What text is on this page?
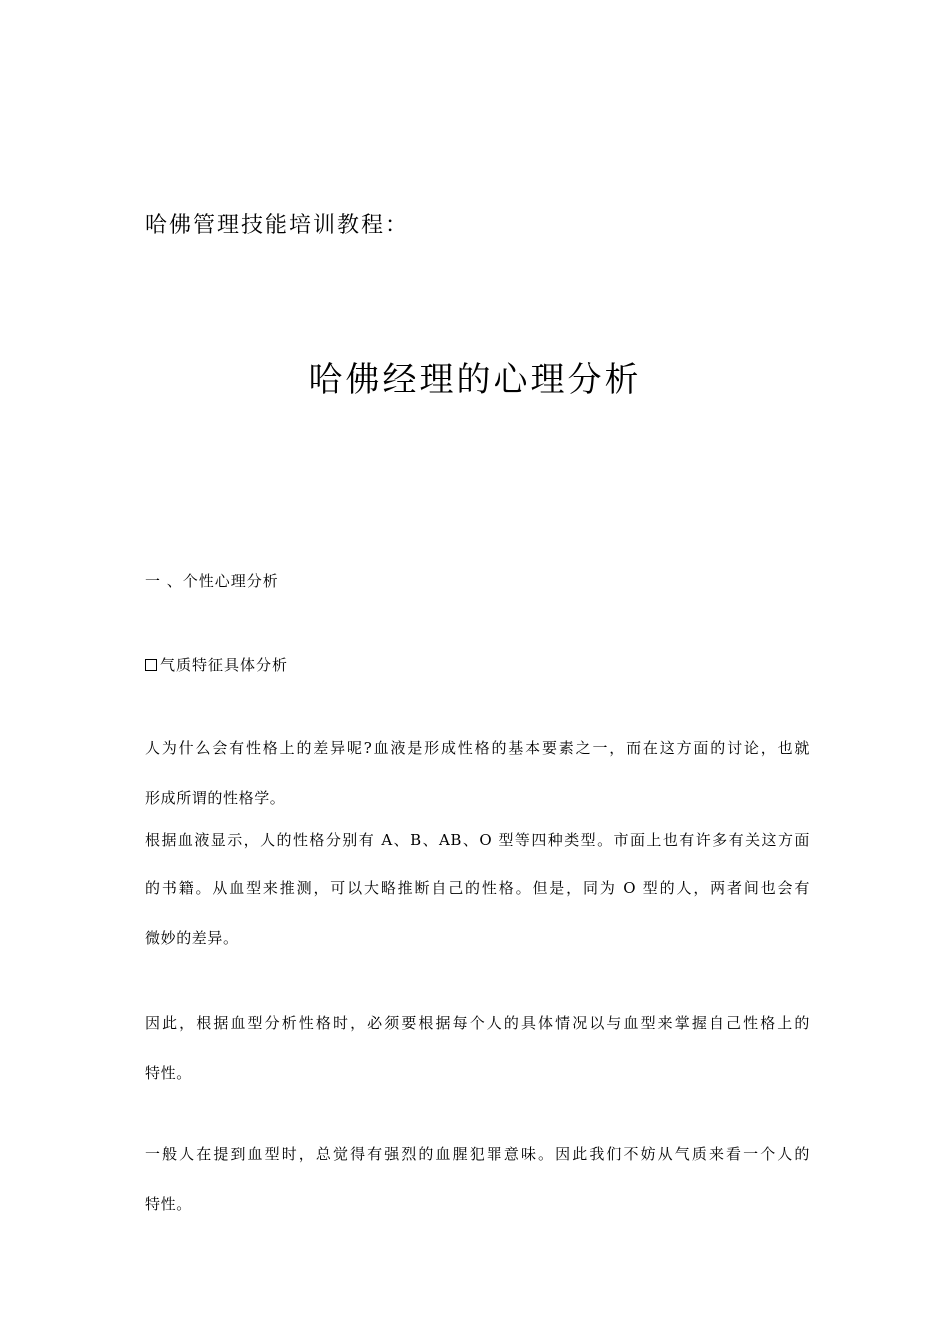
哈佛管理技能培训教程：
哈佛经理的心理分析
一 、个性心理分析
气质特征具体分析
人为什么会有性格上的差异呢?血液是形成性格的基本要素之一，而在这方面的讨论，也就
形成所谓的性格学。
根据血液显示，人的性格分别有 A、B、AB、O 型等四种类型。市面上也有许多有关这方面
的书籍。从血型来推测，可以大略推断自己的性格。但是，同为 O 型的人，两者间也会有
微妙的差异。
因此，根据血型分析性格时，必须要根据每个人的具体情况以与血型来掌握自己性格上的
特性。
一般人在提到血型时，总觉得有强烈的血腥犯罪意味。因此我们不妨从气质来看一个人的
特性。
